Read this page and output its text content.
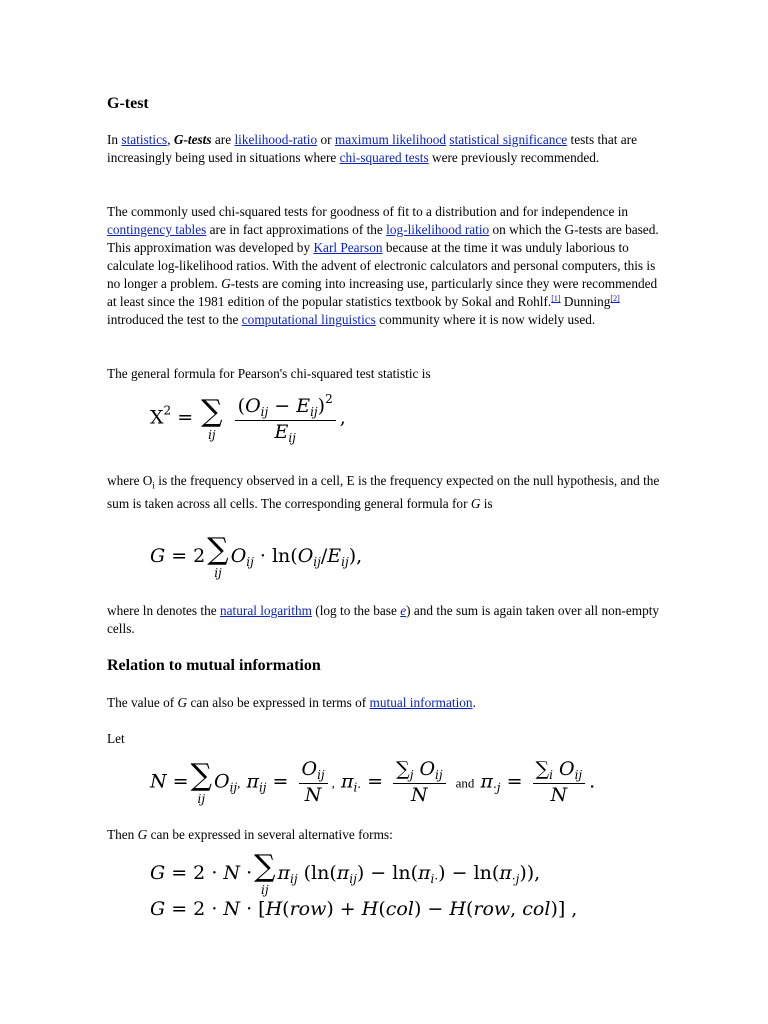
G-test

In statistics, G-tests are likelihood-ratio or maximum likelihood statistical significance tests that are increasingly being used in situations where chi-squared tests were previously recommended.

The commonly used chi-squared tests for goodness of fit to a distribution and for independence in contingency tables are in fact approximations of the log-likelihood ratio on which the G-tests are based. This approximation was developed by Karl Pearson because at the time it was unduly laborious to calculate log-likelihood ratios. With the advent of electronic calculators and personal computers, this is no longer a problem. G-tests are coming into increasing use, particularly since they were recommended at least since the 1981 edition of the popular statistics textbook by Sokal and Rohlf.[1] Dunning[2] introduced the test to the computational linguistics community where it is now widely used.

The general formula for Pearson's chi-squared test statistic is

$X^2$ = ∑
ij
$\frac{(O_{ij} - E_{ij})^2}{E_{ij}}$ ,

where $O_i$ is the frequency observed in a cell, E is the frequency expected on the null hypothesis, and the sum is taken across all cells. The corresponding general formula for G is

G = 2 ∑
ij
$O_{ij} \cdot \ln(O_{ij}/E_{ij})$,

where ln denotes the natural logarithm (log to the base e) and the sum is again taken over all non-empty cells.

Relation to mutual information

The value of G can also be expressed in terms of mutual information.

Let

N = ∑
ij
$O_{ij}$, $\pi_{ij} = \frac{O_{ij}}{N}$ , $\pi_{i\cdot} = \frac{\sum_j O_{ij}}{N}$ and $\pi_{\cdot j} = \frac{\sum_i O_{ij}}{N}$ .

Then G can be expressed in several alternative forms:

G = 2 · N · ∑
ij
$\pi_{ij}$ $(\ln(\pi_{ij}) - \ln(\pi_{i\cdot}) - \ln(\pi_{\cdot j}))$,
G = 2 · N · [H(row) + H(col) − H(row, col)] ,
